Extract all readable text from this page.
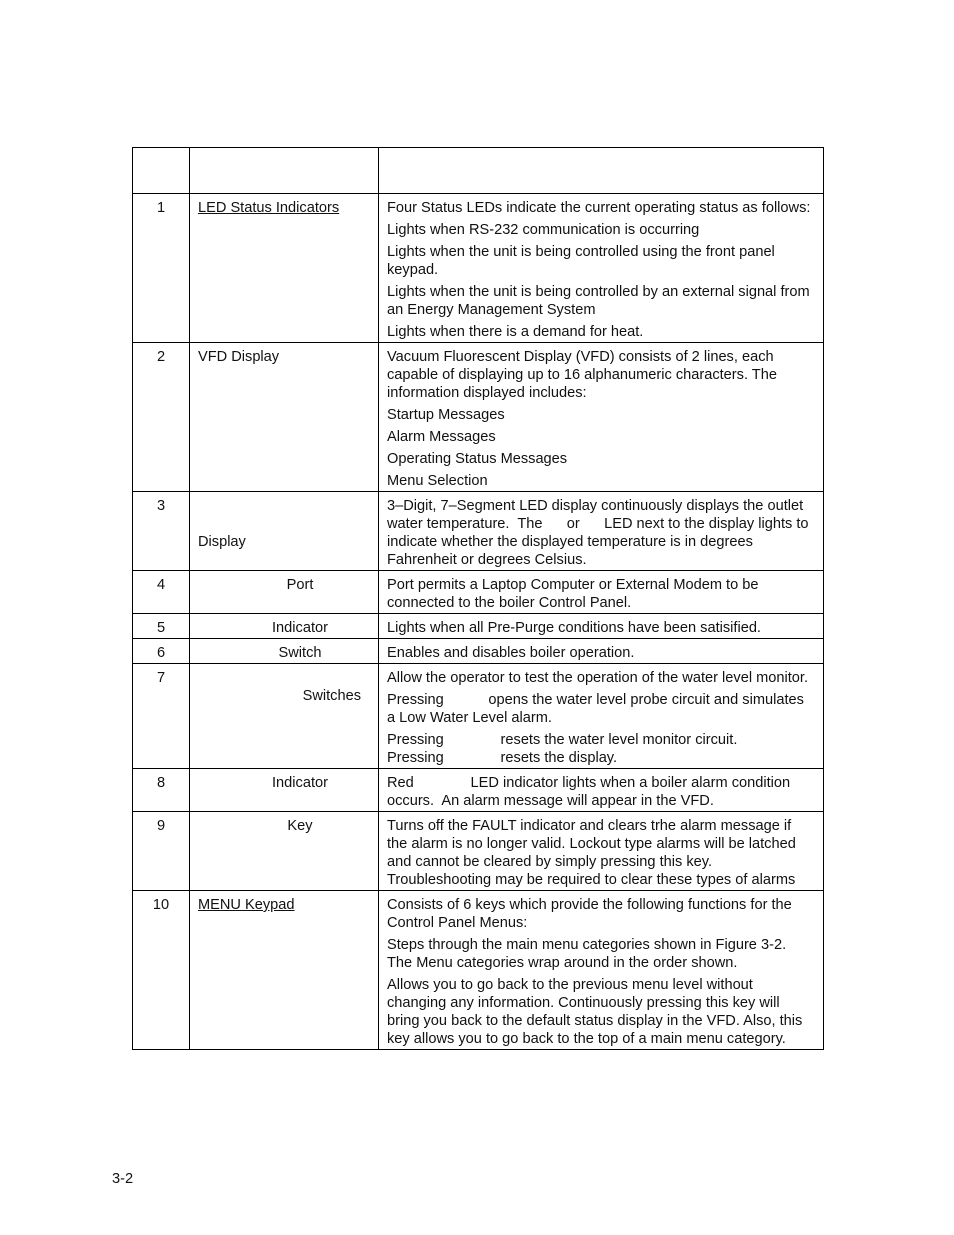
1	LED Status Indicators	Four Status LEDs indicate the current operating status as follows:
Lights when RS-232 communication is occurring
Lights when the unit is being controlled using the front panel keypad.
Lights when the unit is being controlled by an external signal from an Energy Management System
Lights when there is a demand for heat.

2	VFD Display	Vacuum Fluorescent Display (VFD) consists of 2 lines, each capable of displaying up to 16 alphanumeric characters. The information displayed includes:
Startup Messages
Alarm Messages
Operating Status Messages
Menu Selection

3	Display	3–Digit, 7–Segment LED display continuously displays the outlet water temperature.  The      or      LED next to the display lights to indicate whether the displayed temperature is in degrees Fahrenheit or degrees Celsius.

4	Port	Port permits a Laptop Computer or External Modem to be connected to the boiler Control Panel.

5	Indicator	Lights when all Pre-Purge conditions have been satisified.

6	Switch	Enables and disables boiler operation.

7	Switches	Allow the operator to test the operation of the water level monitor.
Pressing           opens the water level probe circuit and simulates a Low Water Level alarm.
Pressing              resets the water level monitor circuit.
Pressing              resets the display.

8	Indicator	Red              LED indicator lights when a boiler alarm condition occurs.  An alarm message will appear in the VFD.

9	Key	Turns off the FAULT indicator and clears trhe alarm message if the alarm is no longer valid. Lockout type alarms will be latched and cannot be cleared by simply pressing this key. Troubleshooting may be required to clear these types of alarms

10	MENU Keypad	Consists of 6 keys which provide the following functions for the Control Panel Menus:
Steps through the main menu categories shown in Figure 3-2. The Menu categories wrap around in the order shown.
Allows you to go back to the previous menu level without changing any information. Continuously pressing this key will bring you back to the default status display in the VFD. Also, this key allows you to go back to the top of a main menu category.
3-2
